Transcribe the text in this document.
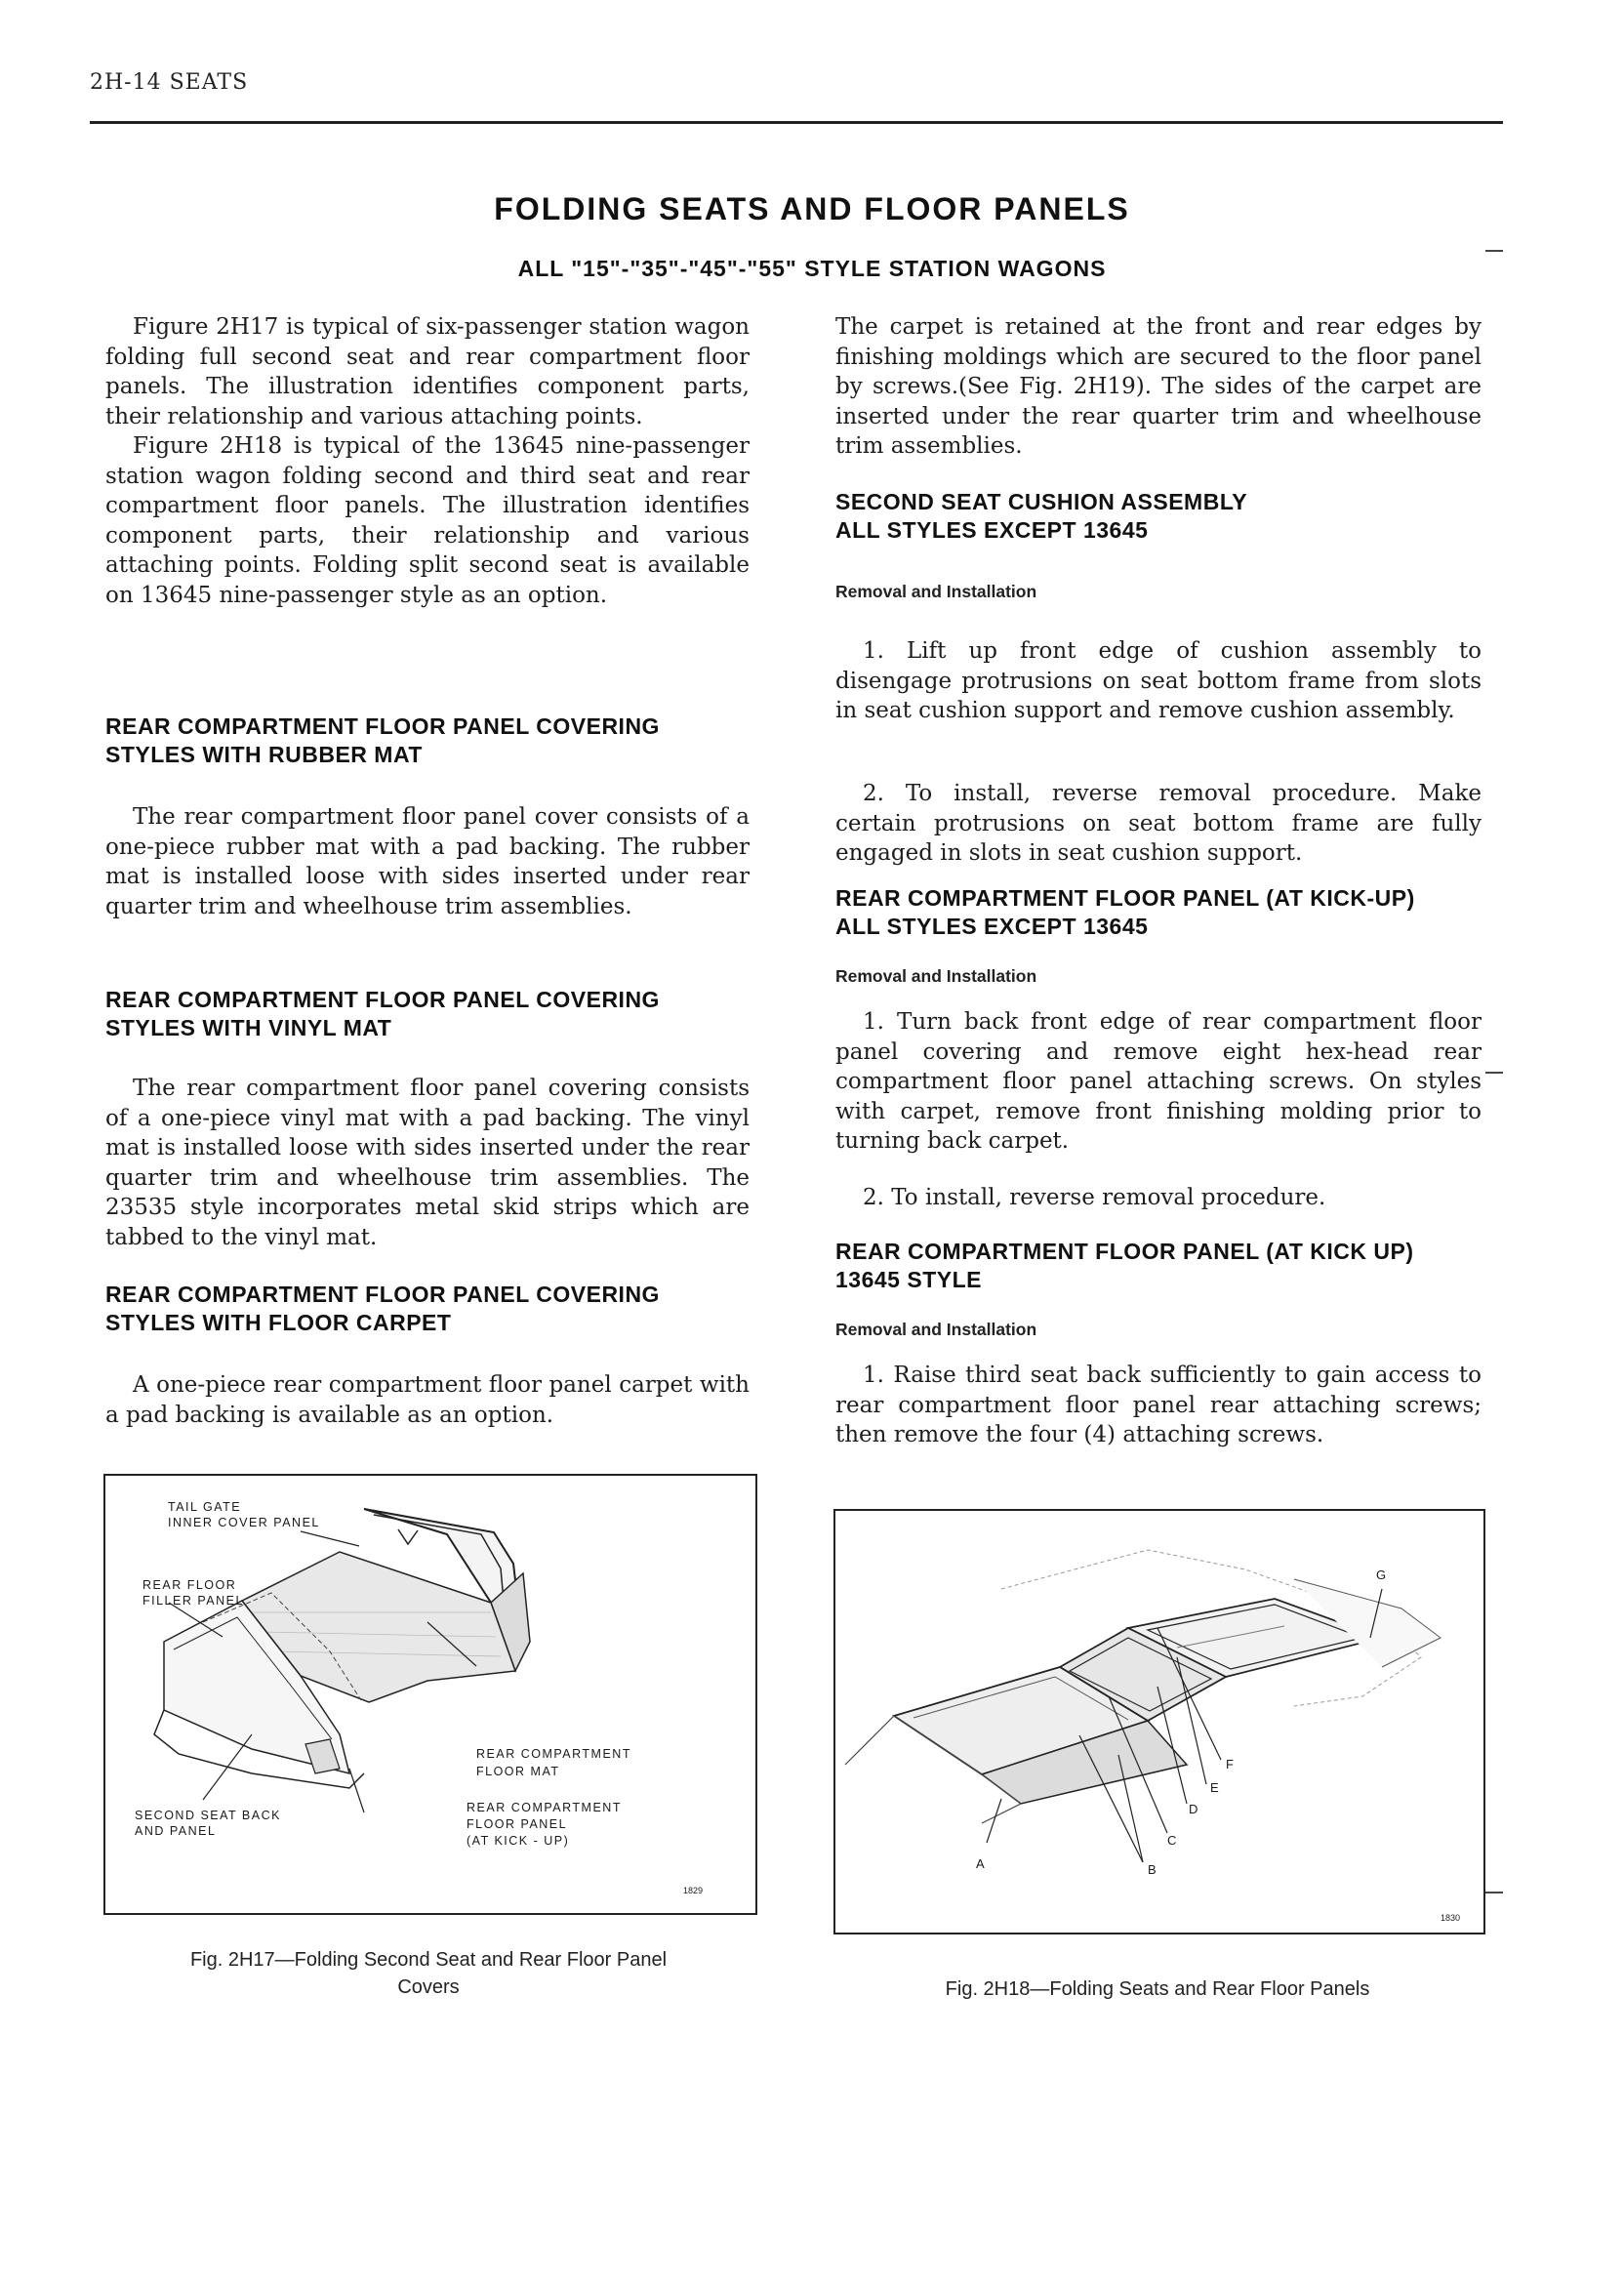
2H-14 SEATS
FOLDING SEATS AND FLOOR PANELS
ALL "15"-"35"-"45"-"55" STYLE STATION WAGONS
Figure 2H17 is typical of six-passenger station wagon folding full second seat and rear compartment floor panels. The illustration identifies component parts, their relationship and various attaching points.
Figure 2H18 is typical of the 13645 nine-passenger station wagon folding second and third seat and rear compartment floor panels. The illustration identifies component parts, their relationship and various attaching points. Folding split second seat is available on 13645 nine-passenger style as an option.
REAR COMPARTMENT FLOOR PANEL COVERING
STYLES WITH RUBBER MAT
The rear compartment floor panel cover consists of a one-piece rubber mat with a pad backing. The rubber mat is installed loose with sides inserted under rear quarter trim and wheelhouse trim assemblies.
REAR COMPARTMENT FLOOR PANEL COVERING
STYLES WITH VINYL MAT
The rear compartment floor panel covering consists of a one-piece vinyl mat with a pad backing. The vinyl mat is installed loose with sides inserted under the rear quarter trim and wheelhouse trim assemblies. The 23535 style incorporates metal skid strips which are tabbed to the vinyl mat.
REAR COMPARTMENT FLOOR PANEL COVERING
STYLES WITH FLOOR CARPET
A one-piece rear compartment floor panel carpet with a pad backing is available as an option.
The carpet is retained at the front and rear edges by finishing moldings which are secured to the floor panel by screws.(See Fig. 2H19). The sides of the carpet are inserted under the rear quarter trim and wheelhouse trim assemblies.
SECOND SEAT CUSHION ASSEMBLY
ALL STYLES EXCEPT 13645
Removal and Installation
1. Lift up front edge of cushion assembly to disengage protrusions on seat bottom frame from slots in seat cushion support and remove cushion assembly.
2. To install, reverse removal procedure. Make certain protrusions on seat bottom frame are fully engaged in slots in seat cushion support.
REAR COMPARTMENT FLOOR PANEL (AT KICK-UP)
ALL STYLES EXCEPT 13645
Removal and Installation
1. Turn back front edge of rear compartment floor panel covering and remove eight hex-head rear compartment floor panel attaching screws. On styles with carpet, remove front finishing molding prior to turning back carpet.
2. To install, reverse removal procedure.
REAR COMPARTMENT FLOOR PANEL (AT KICK UP)
13645 STYLE
Removal and Installation
1. Raise third seat back sufficiently to gain access to rear compartment floor panel rear attaching screws; then remove the four (4) attaching screws.
TAIL GATE
INNER COVER PANEL
REAR FLOOR
FILLER PANEL
REAR COMPARTMENT
FLOOR MAT
SECOND SEAT BACK
AND PANEL
REAR COMPARTMENT
FLOOR PANEL
(AT KICK - UP)
1829
Fig. 2H17—Folding Second Seat and Rear Floor Panel
Covers
A	B
C
D
E
F
G
1830
Fig. 2H18—Folding Seats and Rear Floor Panels
